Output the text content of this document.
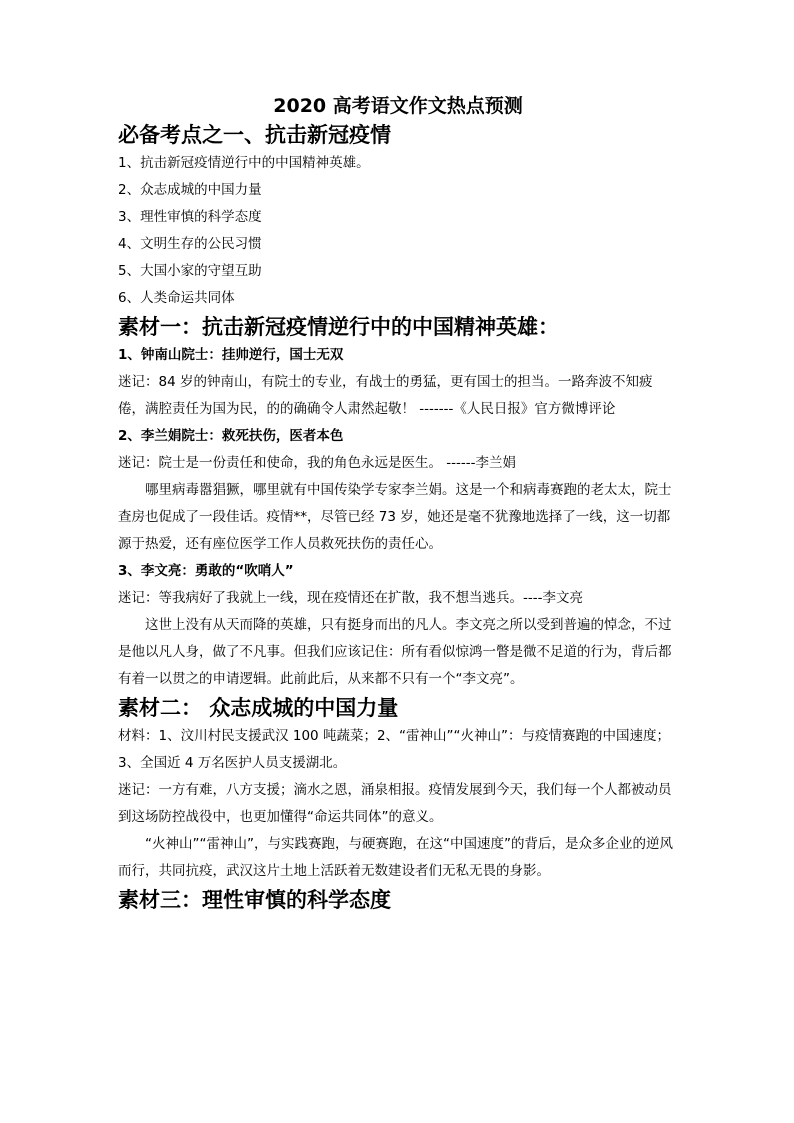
2020 高考语文作文热点预测

必备考点之一、抗击新冠疫情

1、抗击新冠疫情逆行中的中国精神英雄。
2、众志成城的中国力量
3、理性审慎的科学态度
4、文明生存的公民习惯
5、大国小家的守望互助
6、人类命运共同体

素材一：抗击新冠疫情逆行中的中国精神英雄：

1、钟南山院士：挂帅逆行，国士无双

迷记：84 岁的钟南山，有院士的专业，有战士的勇猛，更有国士的担当。一路奔波不知疲倦，满腔责任为国为民，的的确确令人肃然起敬！ -------《人民日报》官方微博评论

2、李兰娟院士：救死扶伤，医者本色

迷记：院士是一份责任和使命，我的角色永远是医生。 ------李兰娟

哪里病毒嚣猖獗，哪里就有中国传染学专家李兰娟。这是一个和病毒赛跑的老太太，院士查房也促成了一段佳话。疫情**，尽管已经 73 岁，她还是毫不犹豫地选择了一线，这一切都源于热爱，还有座位医学工作人员救死扶伤的责任心。

3、李文亮：勇敢的“吹哨人”

迷记：等我病好了我就上一线，现在疫情还在扩散，我不想当逃兵。----李文亮

这世上没有从天而降的英雄，只有挺身而出的凡人。李文亮之所以受到普遍的悼念，不过是他以凡人身，做了不凡事。但我们应该记住：所有看似惊鸿一瞥是微不足道的行为，背后都有着一以贯之的申请逻辑。此前此后，从来都不只有一个“李文亮”。

素材二： 众志成城的中国力量

材料：1、汶川村民支援武汉 100 吨蔬菜；2、“雷神山”“火神山”：与疫情赛跑的中国速度；3、全国近 4 万名医护人员支援湖北。

迷记：一方有难，八方支援；滴水之恩，涌泉相报。疫情发展到今天，我们每一个人都被动员到这场防控战役中，也更加懂得“命运共同体”的意义。

“火神山”“雷神山”，与实践赛跑，与硬赛跑，在这“中国速度”的背后，是众多企业的逆风而行，共同抗疫，武汉这片土地上活跃着无数建设者们无私无畏的身影。

素材三：理性审慎的科学态度
